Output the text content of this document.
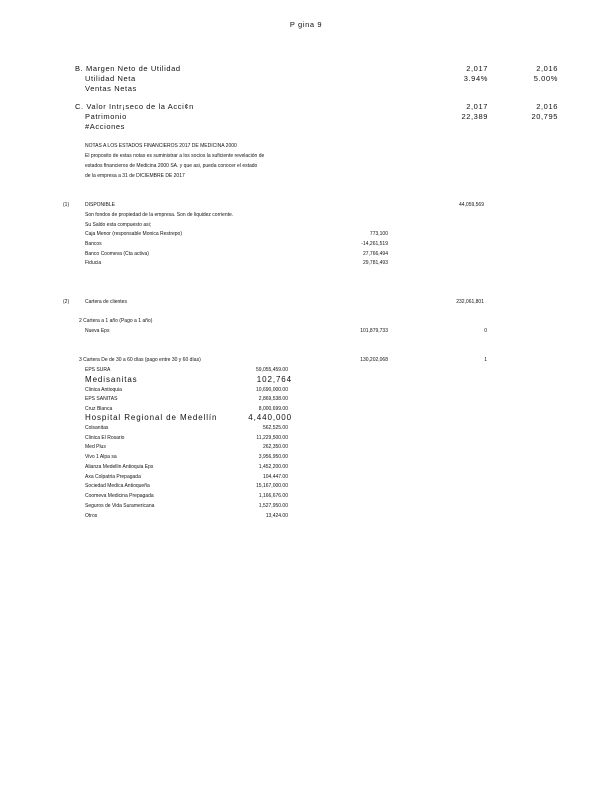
P gina 9
B. Margen Neto de Utilidad	2,017	2,016
Utilidad Neta	3.94%	5.00%
Ventas Netas
C. Valor Intr¡seco de la Acci¢n	2,017	2,016
Patrimonio	22,389	20,795
#Acciones
NOTAS A LOS ESTADOS FINANCIEROS 2017 DE MEDICINA 2000
El proposito de estas notas es suministrar a los socios la suficiente revelación de
estados financieros de Medicina 2000 SA. y que asi, pueda conocer el estado
de la empresa a 31 de DICIEMBRE DE 2017
(1)	DISPONIBLE	44,059,569
Son fondos de propiedad de la empresa. Son de liquidez corriente.
Su Saldo esta compuesto asi;
Caja Menor (responsable Monica Restrepo)	773,100
Bancos	-14,261,519
Banco Coomeva (Cta activa)	27,766,494
Fiducia	29,781,493
(2)	Cartera de clientes	232,061,801
2 Cartera a 1 año (Pago a 1 año)
Nueva Eps	101,879,733	0
3 Cartera De de 30 a 60 días (pago entre 30 y 60 días)	130,202,068	1
EPS SURA	59,055,459.00
Medisanitas	102,764
Clinica Antioquia	10,690,000.00
EPS SANITAS	2,869,538.00
Cruz Blanca	8,000,699.00
Hospital Regional de Medellín	4,440,000
Colsanitas	562,525.00
Clinica El Rosario	11,229,500.00
Med Plus	262,350.00
Vivo 1 Alpa sa	3,956,950.00
Alianza Medellin Antioquia Eps	1,452,200.00
Axa Colpatria Prepagada	104,447.00
Sociedad Medica Antioqueña	15,167,000.00
Coomeva Medicina Prepagada	1,166,676.00
Seguros de Vida Suramericana	1,527,950.00
Otros	13,424.00
